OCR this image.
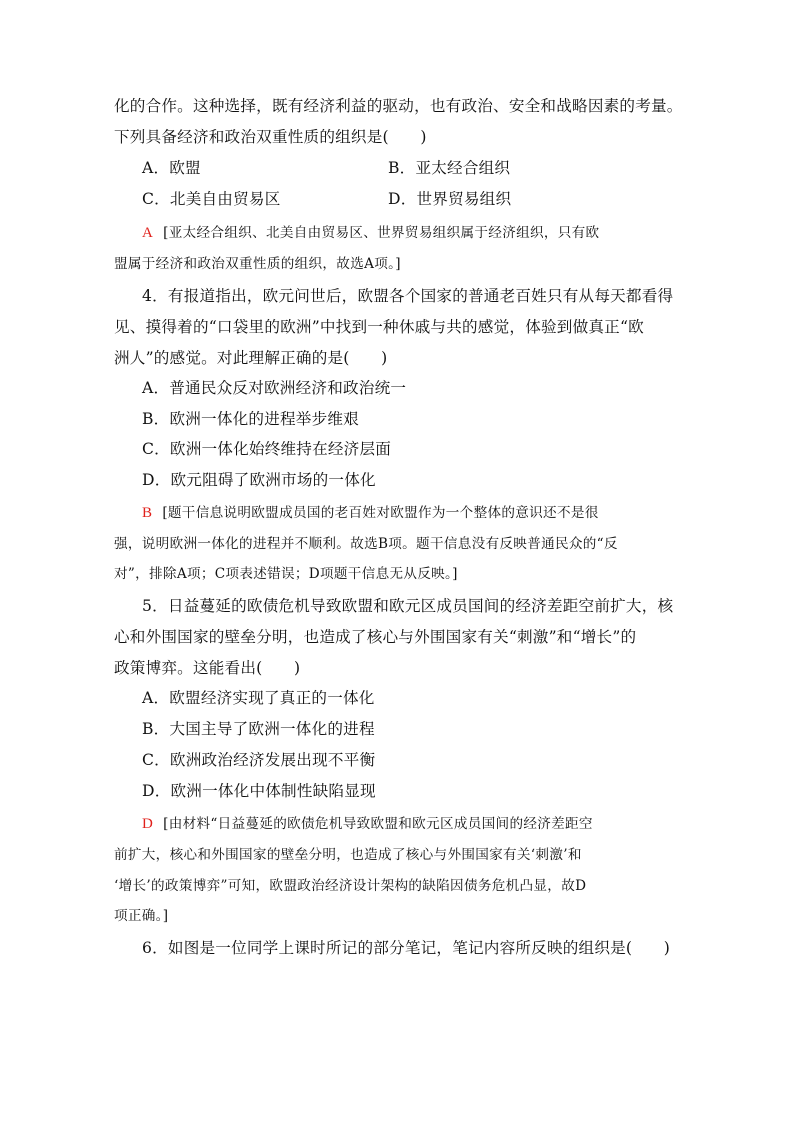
化的合作。这种选择，既有经济利益的驱动，也有政治、安全和战略因素的考量。
下列具备经济和政治双重性质的组织是(　　)
A．欧盟	B．亚太经合组织
C．北美自由贸易区	D．世界贸易组织
A [亚太经合组织、北美自由贸易区、世界贸易组织属于经济组织，只有欧
盟属于经济和政治双重性质的组织，故选A项。]
4．有报道指出，欧元问世后，欧盟各个国家的普通老百姓只有从每天都看得
见、摸得着的“口袋里的欧洲”中找到一种休戚与共的感觉，体验到做真正“欧
洲人”的感觉。对此理解正确的是(　　)
A．普通民众反对欧洲经济和政治统一
B．欧洲一体化的进程举步维艰
C．欧洲一体化始终维持在经济层面
D．欧元阻碍了欧洲市场的一体化
B [题干信息说明欧盟成员国的老百姓对欧盟作为一个整体的意识还不是很
强，说明欧洲一体化的进程并不顺利。故选B项。题干信息没有反映普通民众的“反
对”，排除A项；C项表述错误；D项题干信息无从反映。]
5．日益蔓延的欧债危机导致欧盟和欧元区成员国间的经济差距空前扩大，核
心和外围国家的壁垒分明，也造成了核心与外围国家有关“刺激”和“增长”的
政策博弈。这能看出(　　)
A．欧盟经济实现了真正的一体化
B．大国主导了欧洲一体化的进程
C．欧洲政治经济发展出现不平衡
D．欧洲一体化中体制性缺陷显现
D [由材料“日益蔓延的欧债危机导致欧盟和欧元区成员国间的经济差距空
前扩大，核心和外围国家的壁垒分明，也造成了核心与外围国家有关‘刺激’和
‘增长’的政策博弈”可知，欧盟政治经济设计架构的缺陷因债务危机凸显，故D
项正确。]
6．如图是一位同学上课时所记的部分笔记，笔记内容所反映的组织是(　　)
